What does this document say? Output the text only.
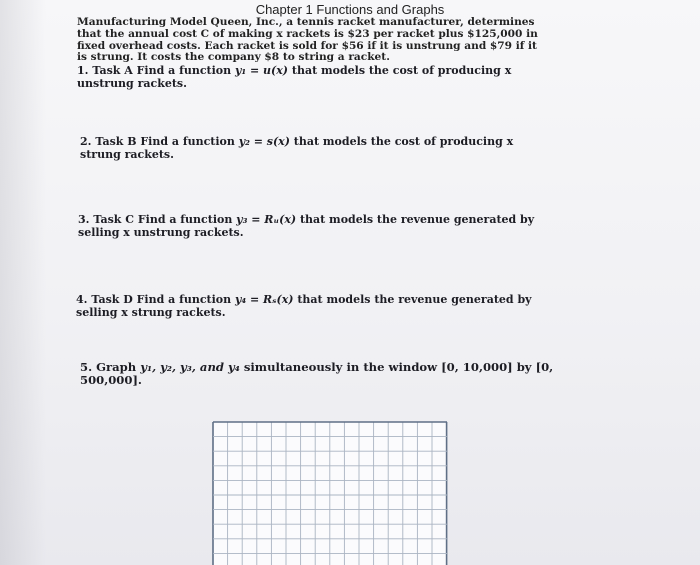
Chapter 1 Functions and Graphs
Manufacturing Model Queen, Inc., a tennis racket manufacturer, determines that the annual cost C of making x rackets is $23 per racket plus $125,000 in fixed overhead costs. Each racket is sold for $56 if it is unstrung and $79 if it is strung. It costs the company $8 to string a racket.
1. Task A Find a function y₁ = u(x) that models the cost of producing x unstrung rackets.
2. Task B Find a function y₂ = s(x) that models the cost of producing x strung rackets.
3. Task C Find a function y₃ = Rᵤ(x) that models the revenue generated by selling x unstrung rackets.
4. Task D Find a function y₄ = Rₛ(x) that models the revenue generated by selling x strung rackets.
5. Graph y₁, y₂, y₃, and y₄ simultaneously in the window [0, 10,000] by [0, 500,000].
